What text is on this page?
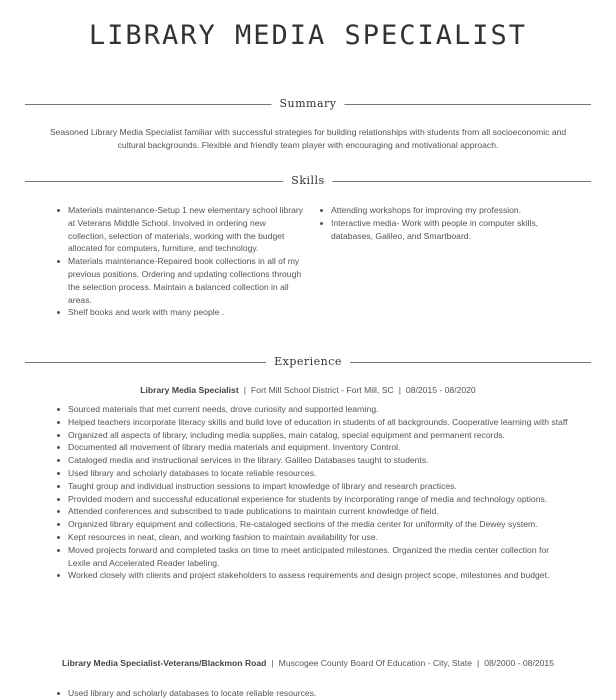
LIBRARY MEDIA SPECIALIST
Summary

Seasoned Library Media Specialist familiar with successful strategies for building relationships with students from all socioeconomic and cultural backgrounds. Flexible and friendly team player with encouraging and motivational approach.

Skills
Materials maintenance-Setup 1 new elementary school library at Veterans Middle School. Involved in ordering new collection, selection of materials, working with the budget allocated for computers, furniture, and technology.
Materials maintenance-Repaired book collections in all of my previous positions. Ordering and updating collections through the selection process. Maintain a balanced collection in all areas.
Shelf books and work with many people .
Attending workshops for improving my profession.
Interactive media- Work with people in computer skills, databases, Galileo, and Smartboard.
Experience
Library Media Specialist | Fort Mill School District - Fort Mill, SC | 08/2015 - 08/2020
Sourced materials that met current needs, drove curiosity and supported learning.
Helped teachers incorporate literacy skills and build love of education in students of all backgrounds. Cooperative learning with staff
Organized all aspects of library, including media supplies, main catalog, special equipment and permanent records.
Documented all movement of library media materials and equipment. Inventory Control.
Cataloged media and instructional services in the library. Galileo Databases taught to students.
Used library and scholarly databases to locate reliable resources.
Taught group and individual instruction sessions to impart knowledge of library and research practices.
Provided modern and successful educational experience for students by incorporating range of media and technology options.
Attended conferences and subscribed to trade publications to maintain current knowledge of field.
Organized library equipment and collections. Re-cataloged sections of the media center for uniformity of the Dewey system.
Kept resources in neat, clean, and working fashion to maintain availability for use.
Moved projects forward and completed tasks on time to meet anticipated milestones. Organized the media center collection for Lexile and Accelerated Reader labeling.
Worked closely with clients and project stakeholders to assess requirements and design project scope, milestones and budget.
Library Media Specialist-Veterans/Blackmon Road | Muscogee County Board Of Education - City, State | 08/2000 - 08/2015
Used library and scholarly databases to locate reliable resources.
